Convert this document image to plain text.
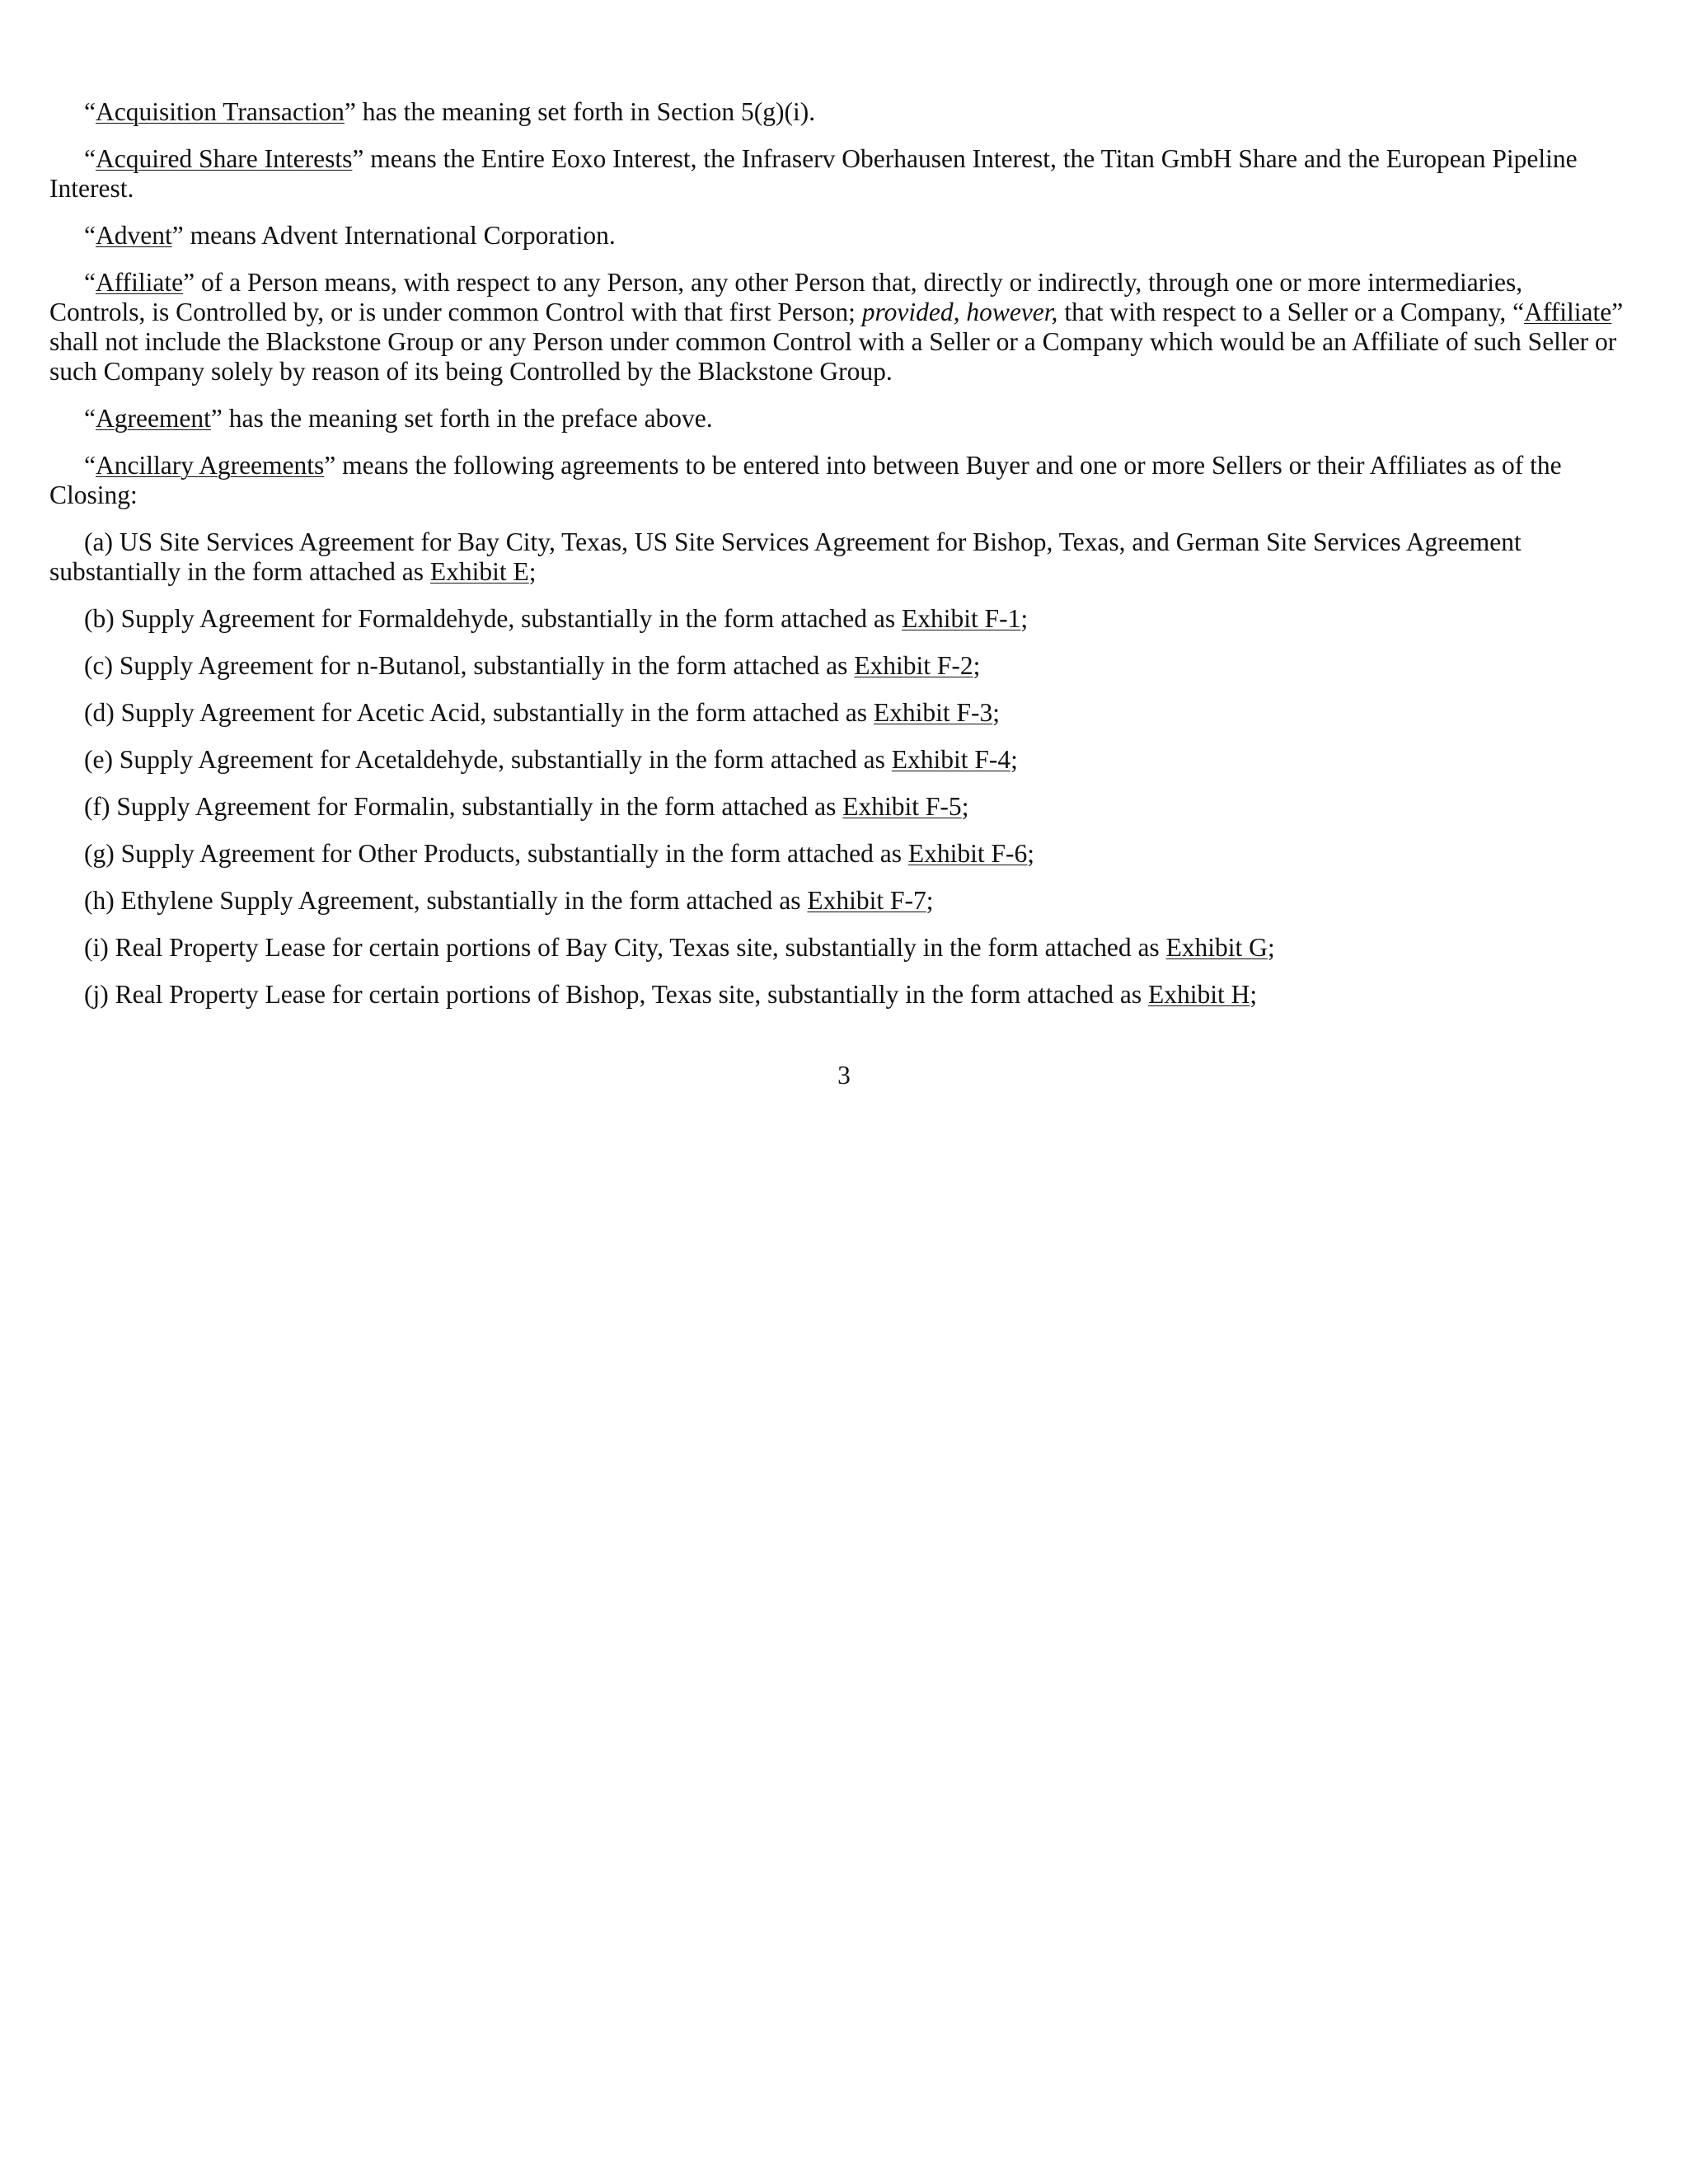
“Acquisition Transaction” has the meaning set forth in Section 5(g)(i).

“Acquired Share Interests” means the Entire Eoxo Interest, the Infraserv Oberhausen Interest, the Titan GmbH Share and the European Pipeline Interest.

“Advent” means Advent International Corporation.

“Affiliate” of a Person means, with respect to any Person, any other Person that, directly or indirectly, through one or more intermediaries, Controls, is Controlled by, or is under common Control with that first Person; provided, however, that with respect to a Seller or a Company, “Affiliate” shall not include the Blackstone Group or any Person under common Control with a Seller or a Company which would be an Affiliate of such Seller or such Company solely by reason of its being Controlled by the Blackstone Group.

“Agreement” has the meaning set forth in the preface above.

“Ancillary Agreements” means the following agreements to be entered into between Buyer and one or more Sellers or their Affiliates as of the Closing:

(a) US Site Services Agreement for Bay City, Texas, US Site Services Agreement for Bishop, Texas, and German Site Services Agreement substantially in the form attached as Exhibit E;

(b) Supply Agreement for Formaldehyde, substantially in the form attached as Exhibit F-1;

(c) Supply Agreement for n-Butanol, substantially in the form attached as Exhibit F-2;

(d) Supply Agreement for Acetic Acid, substantially in the form attached as Exhibit F-3;

(e) Supply Agreement for Acetaldehyde, substantially in the form attached as Exhibit F-4;

(f) Supply Agreement for Formalin, substantially in the form attached as Exhibit F-5;

(g) Supply Agreement for Other Products, substantially in the form attached as Exhibit F-6;

(h) Ethylene Supply Agreement, substantially in the form attached as Exhibit F-7;

(i) Real Property Lease for certain portions of Bay City, Texas site, substantially in the form attached as Exhibit G;

(j) Real Property Lease for certain portions of Bishop, Texas site, substantially in the form attached as Exhibit H;

3
